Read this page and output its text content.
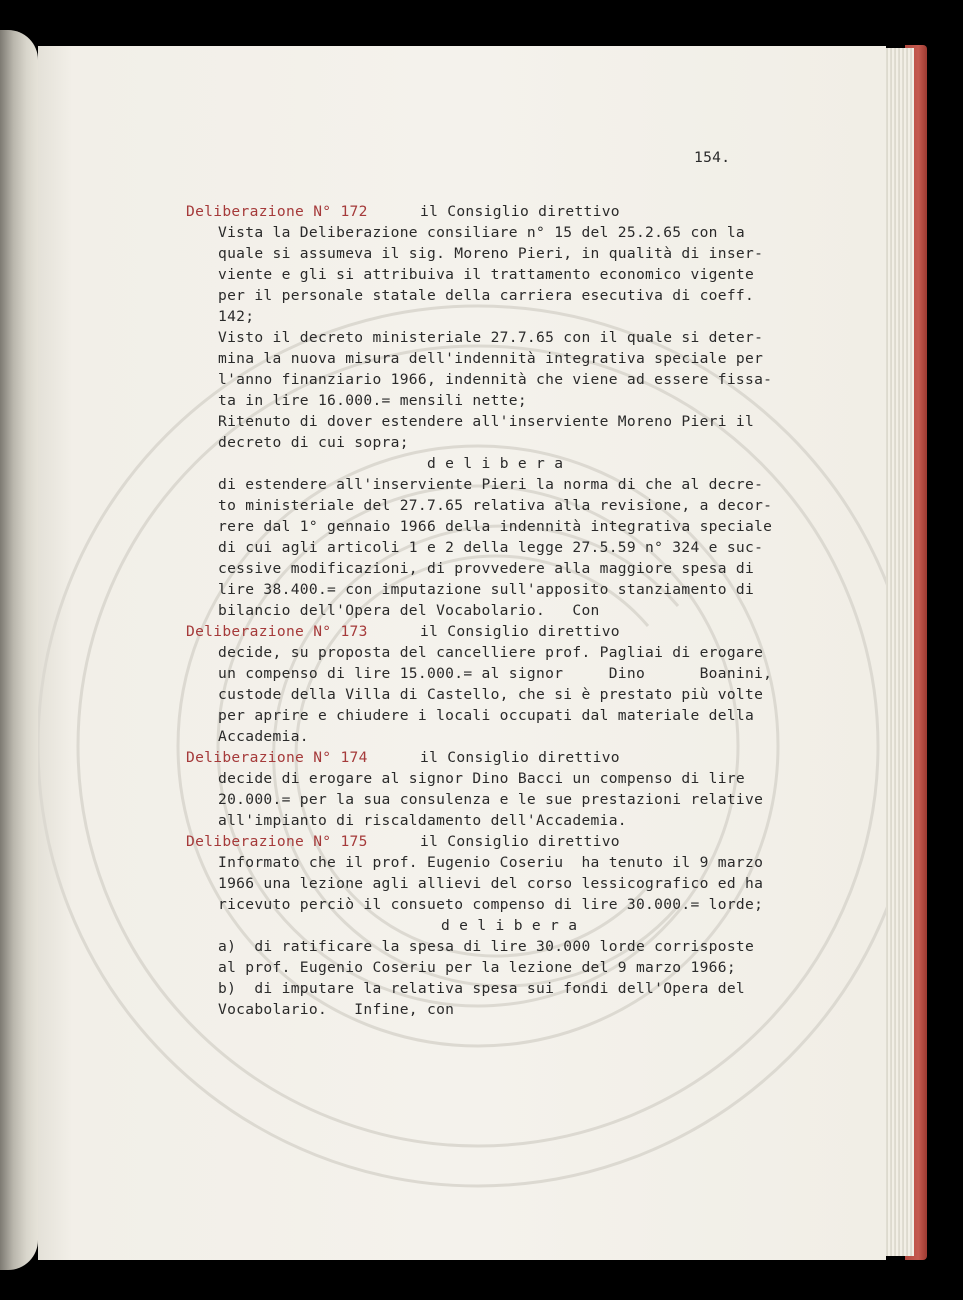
154.
Deliberazione N° 172	il Consiglio direttivo
Vista la Deliberazione consiliare n° 15 del 25.2.65 con la
quale si assumeva il sig. Moreno Pieri, in qualità di inser-
viente e gli si attribuiva il trattamento economico vigente
per il personale statale della carriera esecutiva di coeff.
142;
Visto il decreto ministeriale 27.7.65 con il quale si deter-
mina la nuova misura dell'indennità integrativa speciale per
l'anno finanziario 1966, indennità che viene ad essere fissa-
ta in lire 16.000.= mensili nette;
Ritenuto di dover estendere all'inserviente Moreno Pieri il
decreto di cui sopra;
d e l i b e r a
di estendere all'inserviente Pieri la norma di che al decre-
to ministeriale del 27.7.65 relativa alla revisione, a decor-
rere dal 1° gennaio 1966 della indennità integrativa speciale
di cui agli articoli 1 e 2 della legge 27.5.59 n° 324 e suc-
cessive modificazioni, di provvedere alla maggiore spesa di
lire 38.400.= con imputazione sull'apposito stanziamento di
bilancio dell'Opera del Vocabolario.   Con
Deliberazione N° 173	il Consiglio direttivo
decide, su proposta del cancelliere prof. Pagliai di erogare
un compenso di lire 15.000.= al signor     Dino      Boanini,
custode della Villa di Castello, che si è prestato più volte
per aprire e chiudere i locali occupati dal materiale della
Accademia.
Deliberazione N° 174	il Consiglio direttivo
decide di erogare al signor Dino Bacci un compenso di lire
20.000.= per la sua consulenza e le sue prestazioni relative
all'impianto di riscaldamento dell'Accademia.
Deliberazione N° 175	il Consiglio direttivo
Informato che il prof. Eugenio Coseriu  ha tenuto il 9 marzo
1966 una lezione agli allievi del corso lessicografico ed ha
ricevuto perciò il consueto compenso di lire 30.000.= lorde;
d e l i b e r a
a)  di ratificare la spesa di lire 30.000 lorde corrisposte
al prof. Eugenio Coseriu per la lezione del 9 marzo 1966;
b)  di imputare la relativa spesa sui fondi dell'Opera del
Vocabolario.   Infine, con
